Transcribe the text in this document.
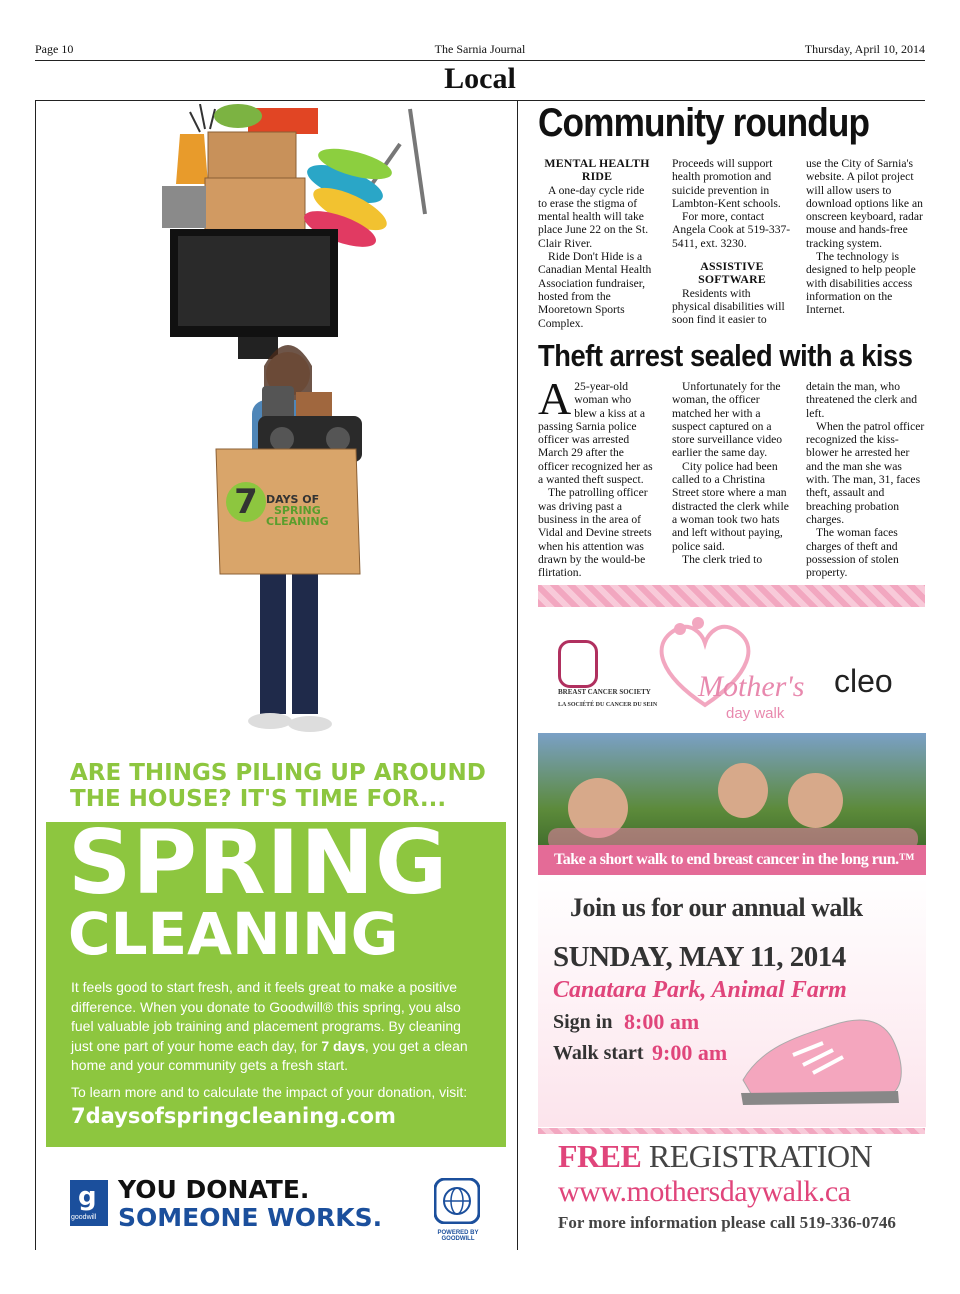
Page 10	The Sarnia Journal	Thursday, April 10, 2014
Local
7 DAYS OF
SPRING
CLEANING
ARE THINGS PILING UP AROUND
THE HOUSE? IT'S TIME FOR...
SPRING
CLEANING

It feels good to start fresh, and it feels great to make a positive difference. When you donate to Goodwill® this spring, you also fuel valuable job training and placement programs. By cleaning just one part of your home each day, for 7 days, you get a clean home and your community gets a fresh start.

To learn more and to calculate the impact of your donation, visit:
7daysofspringcleaning.com
g
goodwill
YOU DONATE.
SOMEONE WORKS.
POWERED BY
GOODWILL
Community roundup
MENTAL HEALTH
RIDE

A one-day cycle ride to erase the stigma of mental health will take place June 22 on the St. Clair River.

Ride Don't Hide is a Canadian Mental Health Association fundraiser, hosted from the Mooretown Sports Complex.

Proceeds will support health promotion and suicide prevention in Lambton-Kent schools.

For more, contact Angela Cook at 519-337-5411, ext. 3230.

ASSISTIVE
SOFTWARE

Residents with physical disabilities will soon find it easier to

use the City of Sarnia's website. A pilot project will allow users to download options like an onscreen keyboard, radar mouse and hands-free tracking system.

The technology is designed to help people with disabilities access information on the Internet.

Theft arrest sealed with a kiss
A 25-year-old woman who blew a kiss at a passing Sarnia police officer was arrested March 29 after the officer recognized her as a wanted theft suspect.

The patrolling officer was driving past a business in the area of Vidal and Devine streets when his attention was drawn by the would-be flirtation.

Unfortunately for the woman, the officer matched her with a suspect captured on a store surveillance video earlier the same day.

City police had been called to a Christina Street store where a man distracted the clerk while a woman took two hats and left without paying, police said.

The clerk tried to

detain the man, who threatened the clerk and left.

When the patrol officer recognized the kiss-blower he arrested her and the man she was with. The man, 31, faces theft, assault and breaching probation charges.

The woman faces charges of theft and possession of stolen property.

BREAST CANCER SOCIETY
LA SOCIÉTÉ DU CANCER DU SEIN
Mother's
day walk
cleo
Take a short walk to end breast cancer in the long run.™
Join us for our annual walk
SUNDAY, MAY 11, 2014
Canatara Park, Animal Farm
Sign in 8:00 am
Walk start 9:00 am
FREE REGISTRATION
www.mothersdaywalk.ca
For more information please call 519-336-0746
